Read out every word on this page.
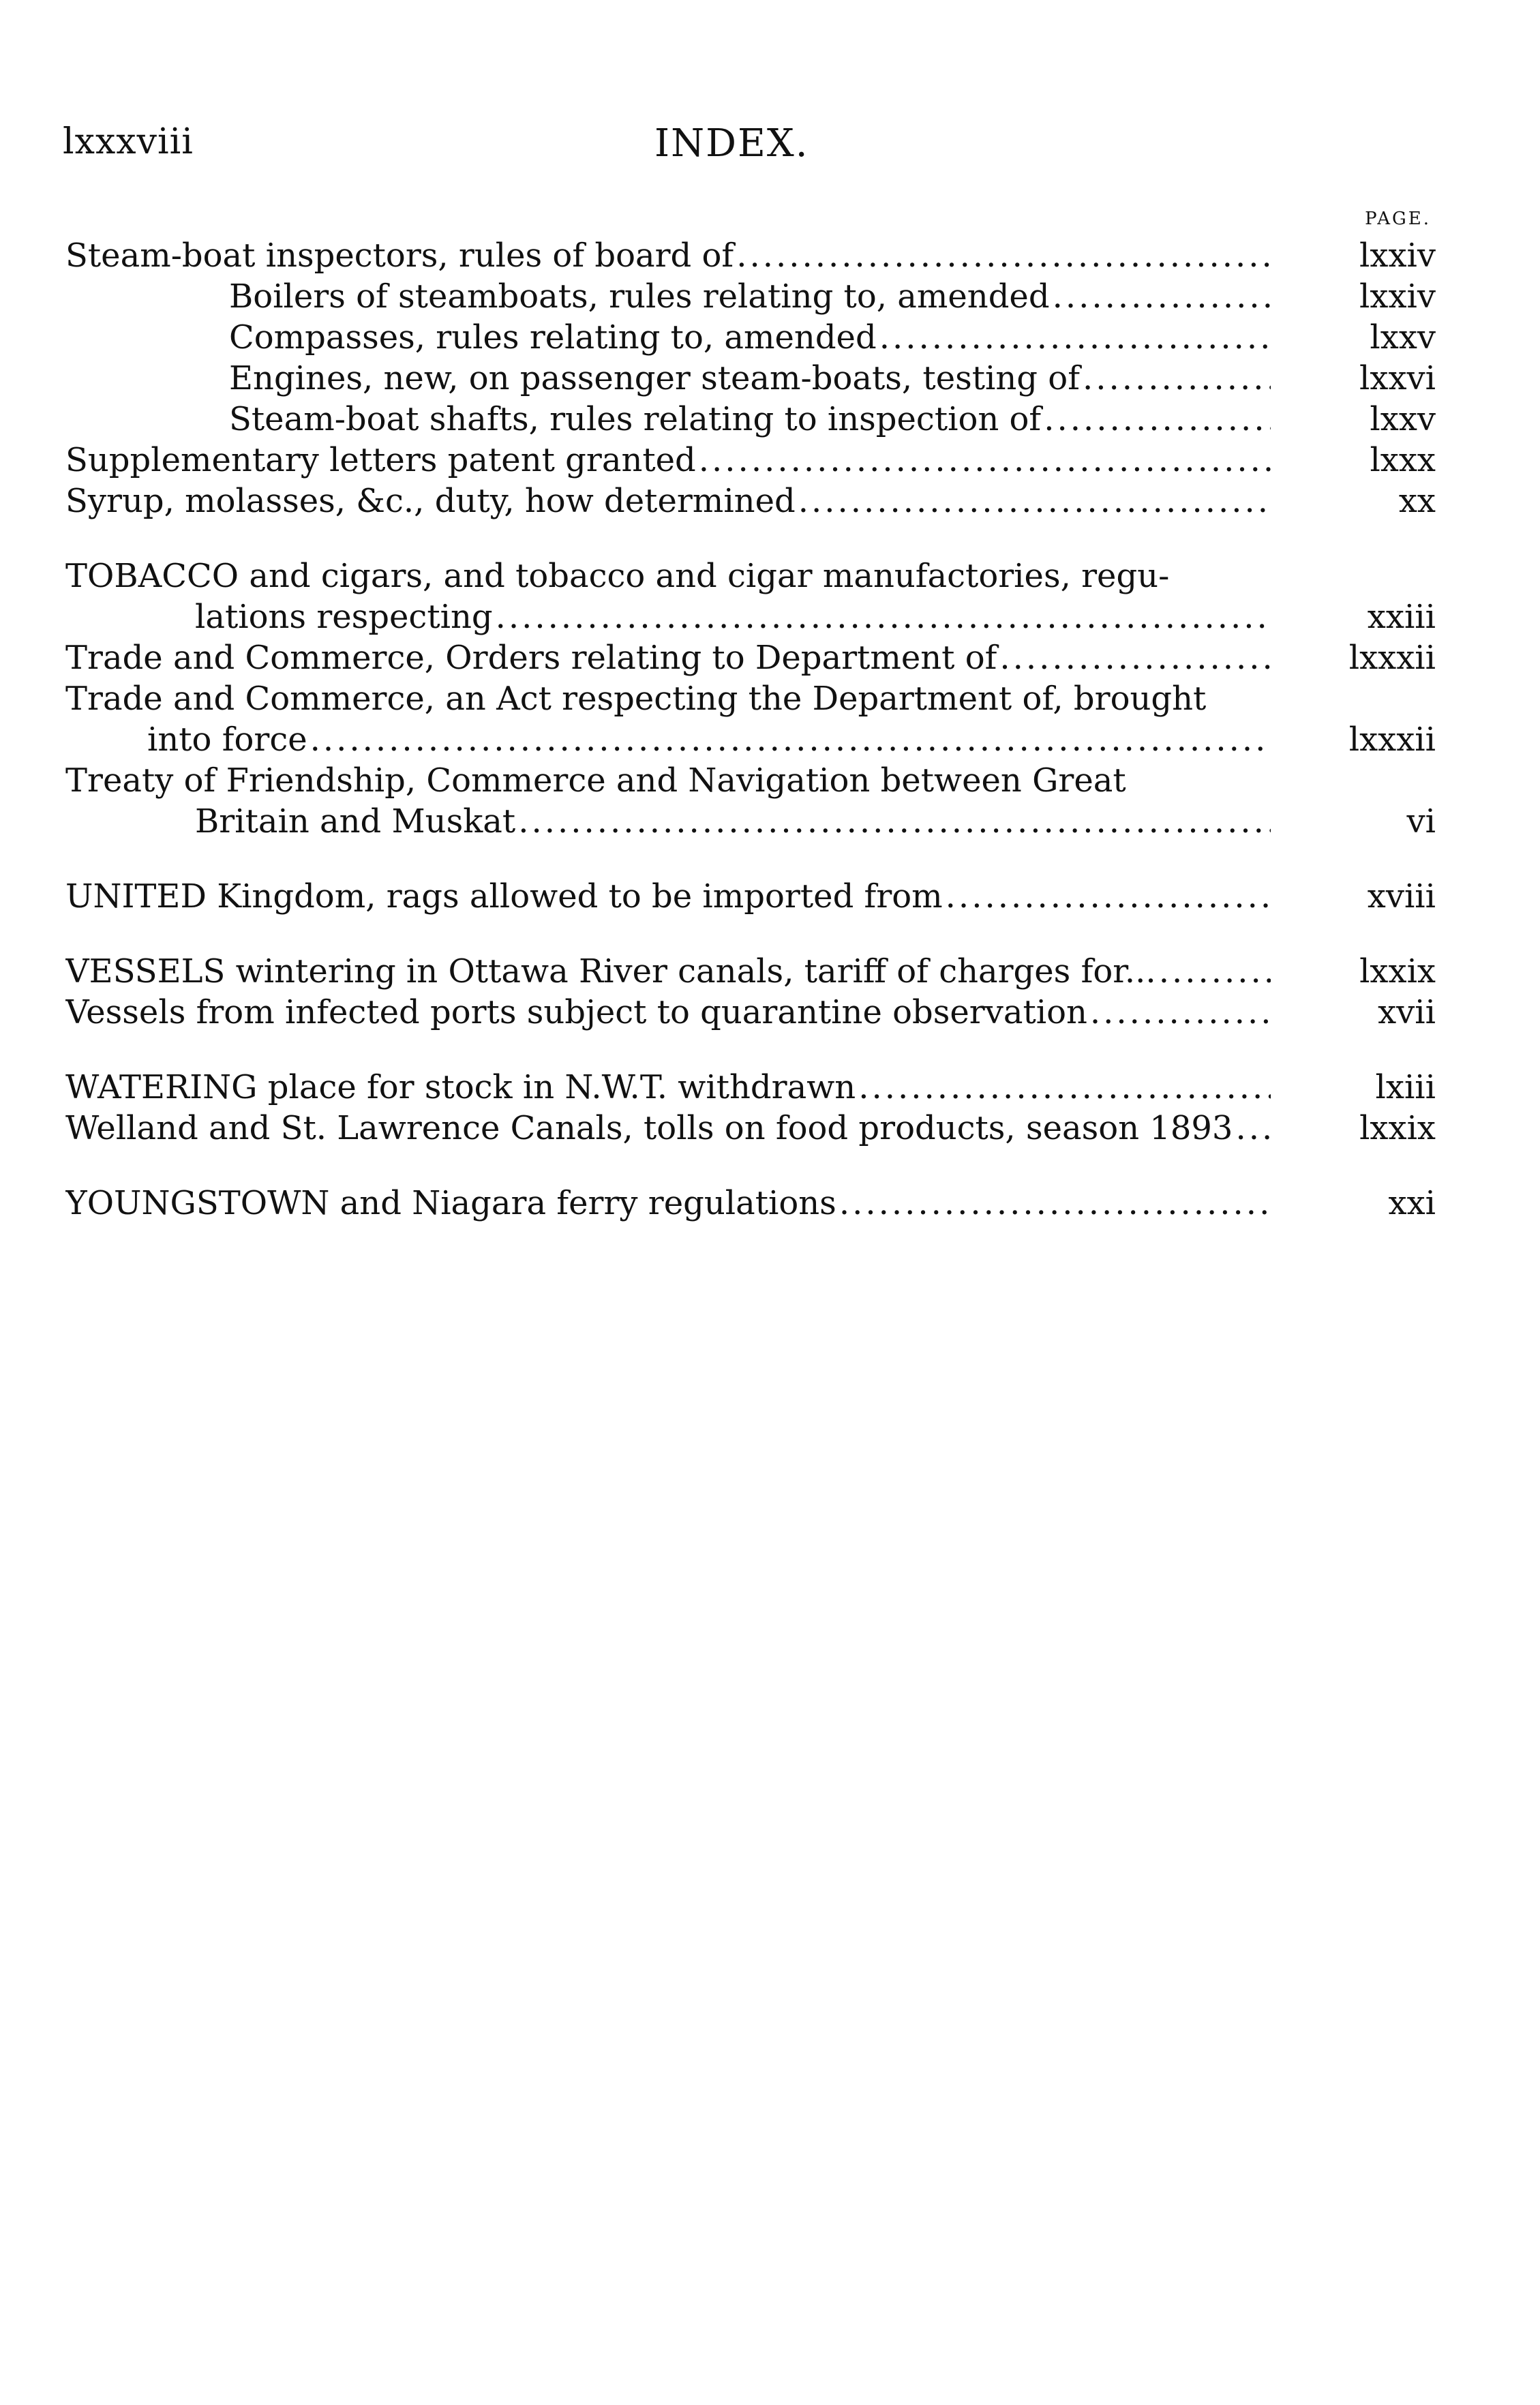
lxxxviii	INDEX.
PAGE.
Steam-boat inspectors, rules of board of .....	lxxiv
Boilers of steamboats, rules relating to, amended .....	lxxiv
Compasses, rules relating to, amended .....	lxxv
Engines, new, on passenger steam-boats, testing of .....	lxxvi
Steam-boat shafts, rules relating to inspection of .....	lxxv
Supplementary letters patent granted .....	lxxx
Syrup, molasses, &c., duty, how determined .....	xx
TOBACCO and cigars, and tobacco and cigar manufactories, regu-
lations respecting .....	xxiii
Trade and Commerce, Orders relating to Department of .....	lxxxii
Trade and Commerce, an Act respecting the Department of, brought
into force .....	lxxxii
Treaty of Friendship, Commerce and Navigation between Great
Britain and Muskat .....	vi
UNITED Kingdom, rags allowed to be imported from .....	xviii
VESSELS wintering in Ottawa River canals, tariff of charges for... .....	lxxix
Vessels from infected ports subject to quarantine observation .....	xvii
WATERING place for stock in N.W.T. withdrawn .....	lxiii
Welland and St. Lawrence Canals, tolls on food products, season 1893 .....	lxxix
YOUNGSTOWN and Niagara ferry regulations .....	xxi
